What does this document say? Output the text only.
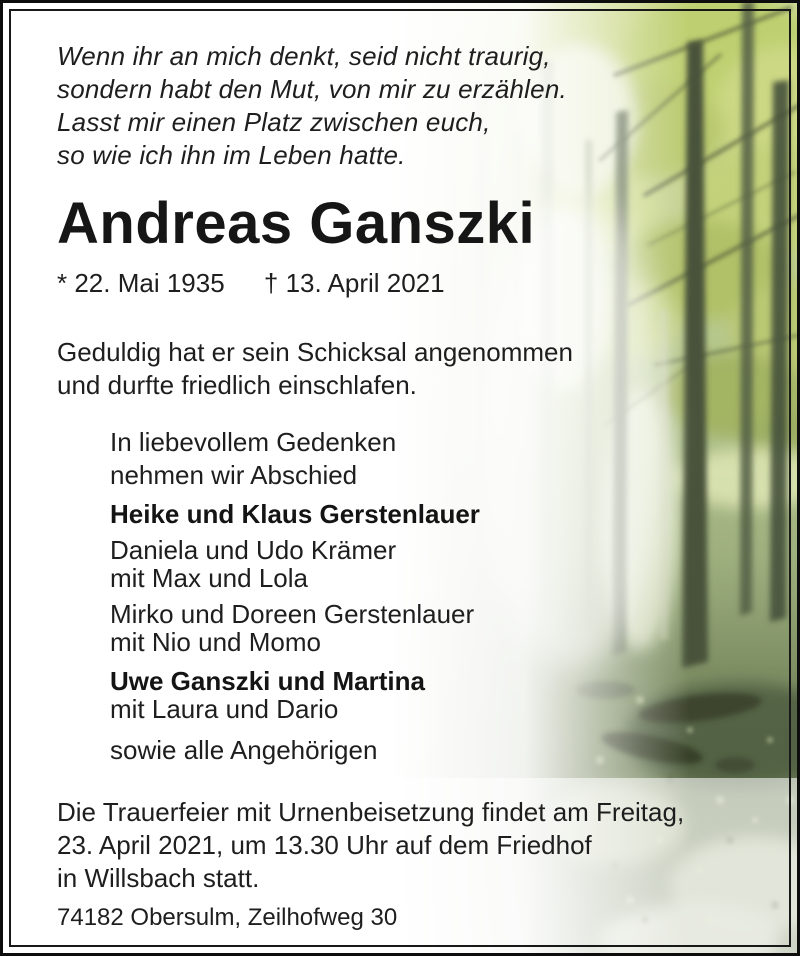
Wenn ihr an mich denkt, seid nicht traurig,
sondern habt den Mut, von mir zu erzählen.
Lasst mir einen Platz zwischen euch,
so wie ich ihn im Leben hatte.
Andreas Ganszki
* 22. Mai 1935 † 13. April 2021
Geduldig hat er sein Schicksal angenommen
und durfte friedlich einschlafen.
In liebevollem Gedenken
nehmen wir Abschied
Heike und Klaus Gerstenlauer
Daniela und Udo Krämer
mit Max und Lola
Mirko und Doreen Gerstenlauer
mit Nio und Momo
Uwe Ganszki und Martina
mit Laura und Dario
sowie alle Angehörigen
Die Trauerfeier mit Urnenbeisetzung findet am Freitag,
23. April 2021, um 13.30 Uhr auf dem Friedhof
in Willsbach statt.
74182 Obersulm, Zeilhofweg 30
